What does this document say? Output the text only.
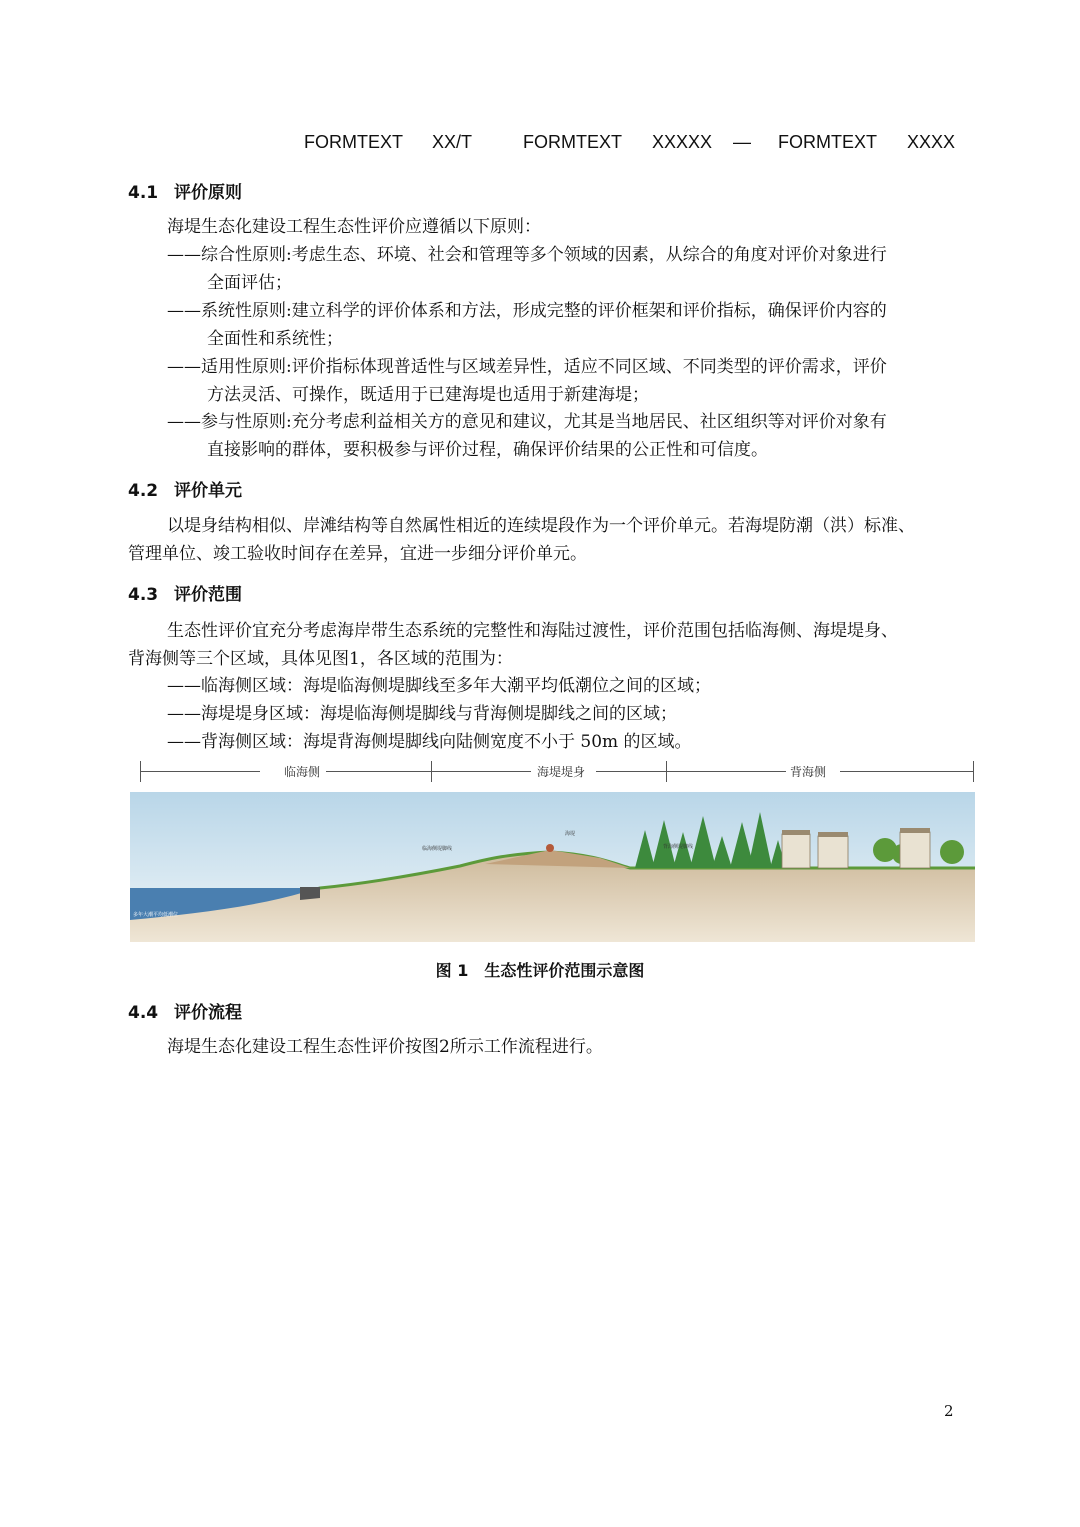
FORMTEXT XX/T	FORMTEXT XXXXX — FORMTEXT XXXX
4.1 评价原则
海堤生态化建设工程生态性评价应遵循以下原则：
——综合性原则:考虑生态、环境、社会和管理等多个领域的因素，从综合的角度对评价对象进行
全面评估；
——系统性原则:建立科学的评价体系和方法，形成完整的评价框架和评价指标，确保评价内容的
全面性和系统性；
——适用性原则:评价指标体现普适性与区域差异性，适应不同区域、不同类型的评价需求，评价
方法灵活、可操作，既适用于已建海堤也适用于新建海堤；
——参与性原则:充分考虑利益相关方的意见和建议，尤其是当地居民、社区组织等对评价对象有
直接影响的群体，要积极参与评价过程，确保评价结果的公正性和可信度。
4.2 评价单元
以堤身结构相似、岸滩结构等自然属性相近的连续堤段作为一个评价单元。若海堤防潮（洪）标准、
管理单位、竣工验收时间存在差异，宜进一步细分评价单元。
4.3 评价范围
生态性评价宜充分考虑海岸带生态系统的完整性和海陆过渡性，评价范围包括临海侧、海堤堤身、
背海侧等三个区域，具体见图1，各区域的范围为：
——临海侧区域：海堤临海侧堤脚线至多年大潮平均低潮位之间的区域；
——海堤堤身区域：海堤临海侧堤脚线与背海侧堤脚线之间的区域；
——背海侧区域：海堤背海侧堤脚线向陆侧宽度不小于 50m 的区域。
临海侧	海堤堤身	背海侧
临海侧堤脚线
海堤
背海侧堤脚线
多年大潮平均低潮位
图 1　生态性评价范围示意图
4.4 评价流程
海堤生态化建设工程生态性评价按图2所示工作流程进行。
2
